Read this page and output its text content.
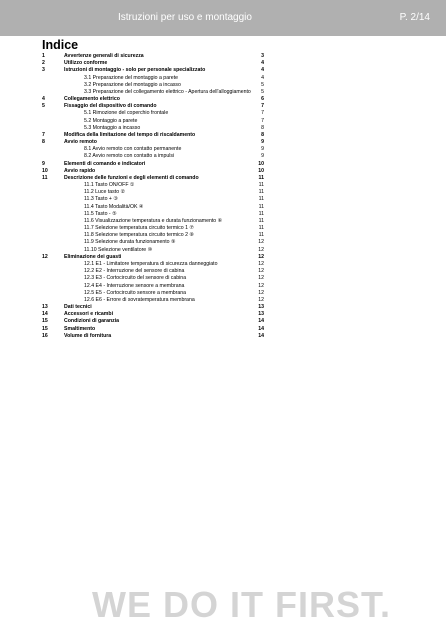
Istruzioni per uso e montaggio	P. 2/14
Indice
1	Avvertenze generali di sicurezza	3
2	Utilizzo conforme	4
3	Istruzioni di montaggio - solo per personale specializzato	4
3.1 Preparazione del montaggio a parete	4
3.2 Preparazione del montaggio a incasso	5
3.3 Preparazione del collegamento elettrico - Apertura dell'alloggiamento	5
4	Collegamento elettrico	6
5	Fissaggio del dispositivo di comando	7
5.1 Rimozione del coperchio frontale	7
5.2 Montaggio a parete	7
5.3 Montaggio a incasso	8
7	Modifica della limitazione del tempo di riscaldamento	8
8	Avvio remoto	9
8.1 Avvio remoto con contatto permanente	9
8.2 Avvio remoto con contatto a impulsi	9
9	Elementi di comando e indicatori	10
10	Avvio rapido	10
11	Descrizione delle funzioni e degli elementi di comando	11
11.1 Tasto ON/OFF ①	11
11.2 Luce tasto ②	11
11.3 Tasto + ③	11
11.4 Tasto Modalità/OK ④	11
11.5 Tasto - ⑤	11
11.6 Visualizzazione temperatura e durata funzionamento ⑥	11
11.7 Selezione temperatura circuito termico 1 ⑦	11
11.8 Selezione temperatura circuito termico 2 ⑧	11
11.9 Selezione durata funzionamento ⑨	12
11.10 Selezione ventilatore ⑩	12
12	Eliminazione dei guasti	12
12.1 E1 - Limitatore temperatura di sicurezza danneggiato	12
12.2 E2 - Interruzione del sensore di cabina	12
12.3 E3 - Cortocircuito del sensore di cabina	12
12.4 E4 - Interruzione sensore a membrana	12
12.5 E5 - Cortocircuito sensore a membrana	12
12.6 E6 - Errore di sovratemperatura membrana	12
13	Dati tecnici	13
14	Accessori e ricambi	13
15	Condizioni di garanzia	14
15	Smaltimento	14
16	Volume di fornitura	14
WE DO IT FIRST.
